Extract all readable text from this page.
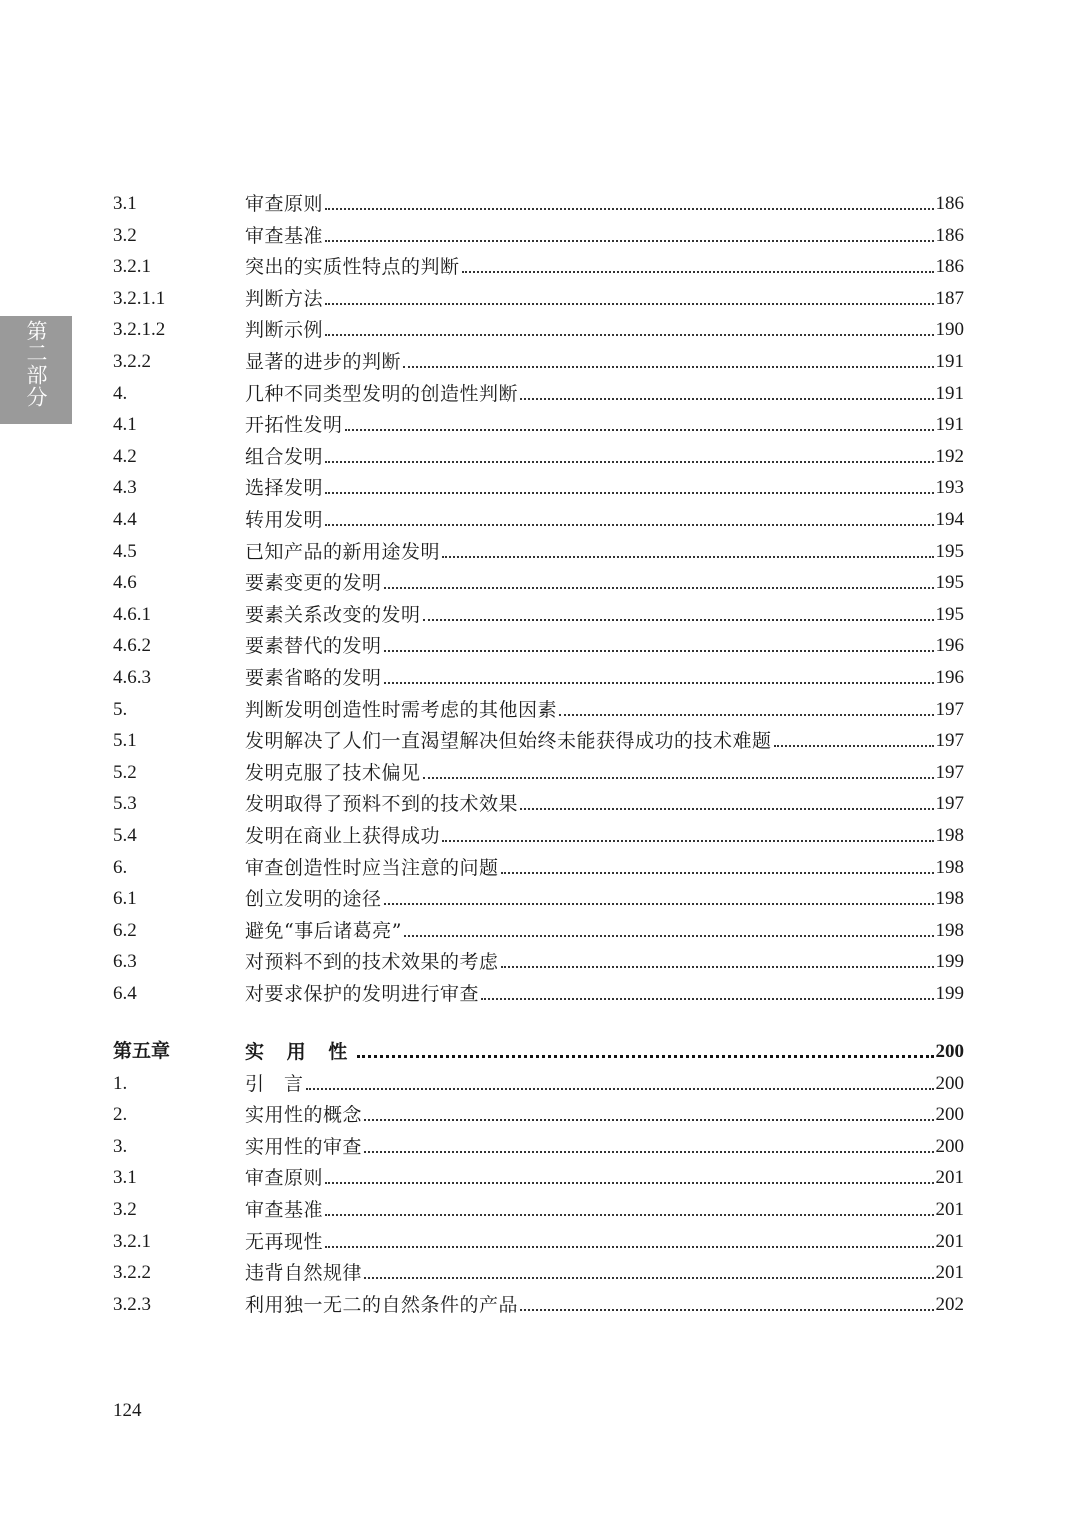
第二部分
3.1	审查原则	186
3.2	审查基准	186
3.2.1	突出的实质性特点的判断	186
3.2.1.1	判断方法	187
3.2.1.2	判断示例	190
3.2.2	显著的进步的判断	191
4.	几种不同类型发明的创造性判断	191
4.1	开拓性发明	191
4.2	组合发明	192
4.3	选择发明	193
4.4	转用发明	194
4.5	已知产品的新用途发明	195
4.6	要素变更的发明	195
4.6.1	要素关系改变的发明	195
4.6.2	要素替代的发明	196
4.6.3	要素省略的发明	196
5.	判断发明创造性时需考虑的其他因素	197
5.1	发明解决了人们一直渴望解决但始终未能获得成功的技术难题	197
5.2	发明克服了技术偏见	197
5.3	发明取得了预料不到的技术效果	197
5.4	发明在商业上获得成功	198
6.	审查创造性时应当注意的问题	198
6.1	创立发明的途径	198
6.2	避免“事后诸葛亮”	198
6.3	对预料不到的技术效果的考虑	199
6.4	对要求保护的发明进行审查	199
第五章	实 用 性	200
1.	引　言	200
2.	实用性的概念	200
3.	实用性的审查	200
3.1	审查原则	201
3.2	审查基准	201
3.2.1	无再现性	201
3.2.2	违背自然规律	201
3.2.3	利用独一无二的自然条件的产品	202
124
